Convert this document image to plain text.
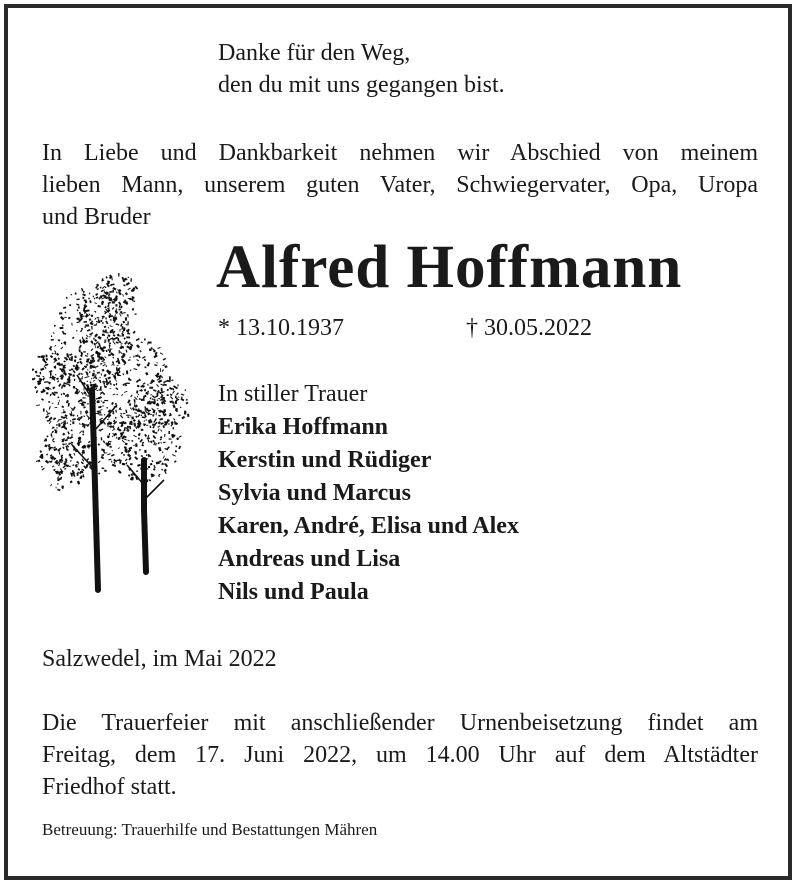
Danke für den Weg,
den du mit uns gegangen bist.
In Liebe und Dankbarkeit nehmen wir Abschied von meinem
lieben Mann, unserem guten Vater, Schwiegervater, Opa, Uropa
und Bruder
Alfred Hoffmann
* 13.10.1937	† 30.05.2022
In stiller Trauer
Erika Hoffmann
Kerstin und Rüdiger
Sylvia und Marcus
Karen, André, Elisa und Alex
Andreas und Lisa
Nils und Paula
Salzwedel, im Mai 2022
Die Trauerfeier mit anschließender Urnenbeisetzung findet am
Freitag, dem 17. Juni 2022, um 14.00 Uhr auf dem Altstädter
Friedhof statt.
Betreuung: Trauerhilfe und Bestattungen Mähren
